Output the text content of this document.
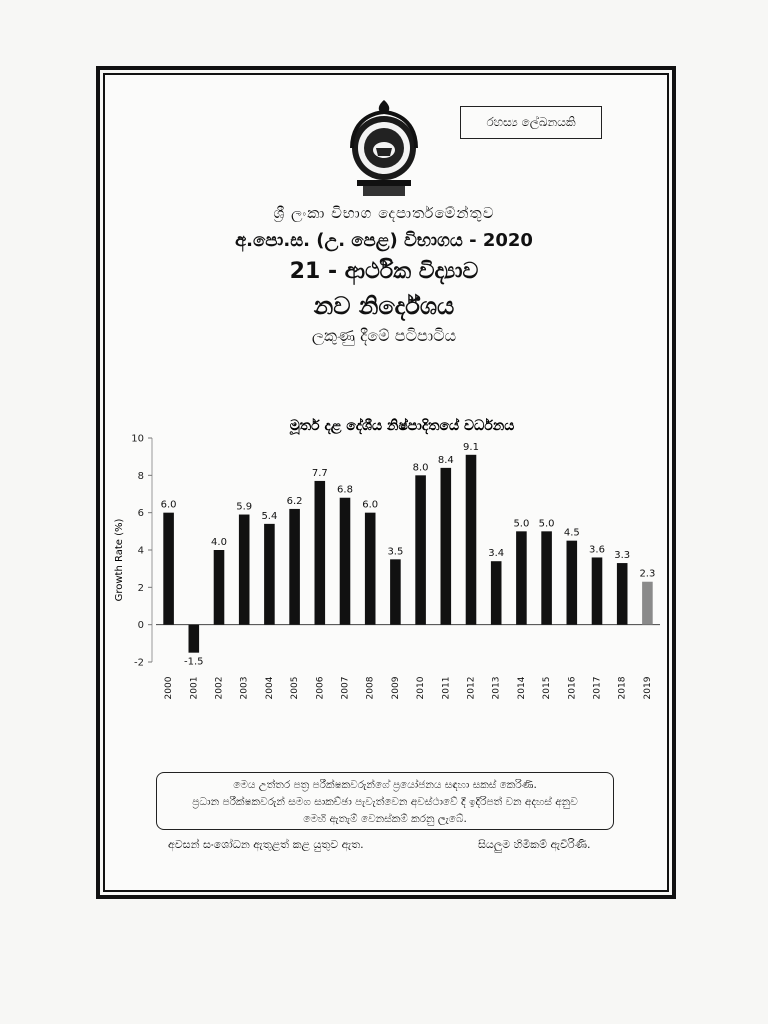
රහස්‍ය ලේඛනයකි
ශ්‍රී ලංකා විභාග දෙපාර්තමේන්තුව
අ.පො.ස. (උ. පෙළ) විභාගය - 2020
21 - ආර්ථික විද්‍යාව
නව නිර්දේශය
ලකුණු දීමේ පටිපාටිය
මූර්ත දළ දේශීය නිෂ්පාදිතයේ වර්ධනය
Growth Rate (%)
-2
0
2
4
6
8
10
6.0
2000
-1.5
2001
4.0
2002
5.9
2003
5.4
2004
6.2
2005
7.7
2006
6.8
2007
6.0
2008
3.5
2009
8.0
2010
8.4
2011
9.1
2012
3.4
2013
5.0
2014
5.0
2015
4.5
2016
3.6
2017
3.3
2018
2.3
2019
මෙය උත්තර පත්‍ර පරීක්ෂකවරුන්ගේ ප්‍රයෝජනය සඳහා සකස් කෙරිණි.
ප්‍රධාන පරීක්ෂකවරුන් සමග සාකච්ඡා පැවැත්වෙන අවස්ථාවේ දී ඉදිරිපත් වන අදහස් අනුව
මෙහි ඇතැම් වෙනස්කම් කරනු ලැබේ.
අවසන් සංශෝධන ඇතුළත් කළ යුතුව ඇත.	සියලුම හිමිකම් ඇවිරිණි.
